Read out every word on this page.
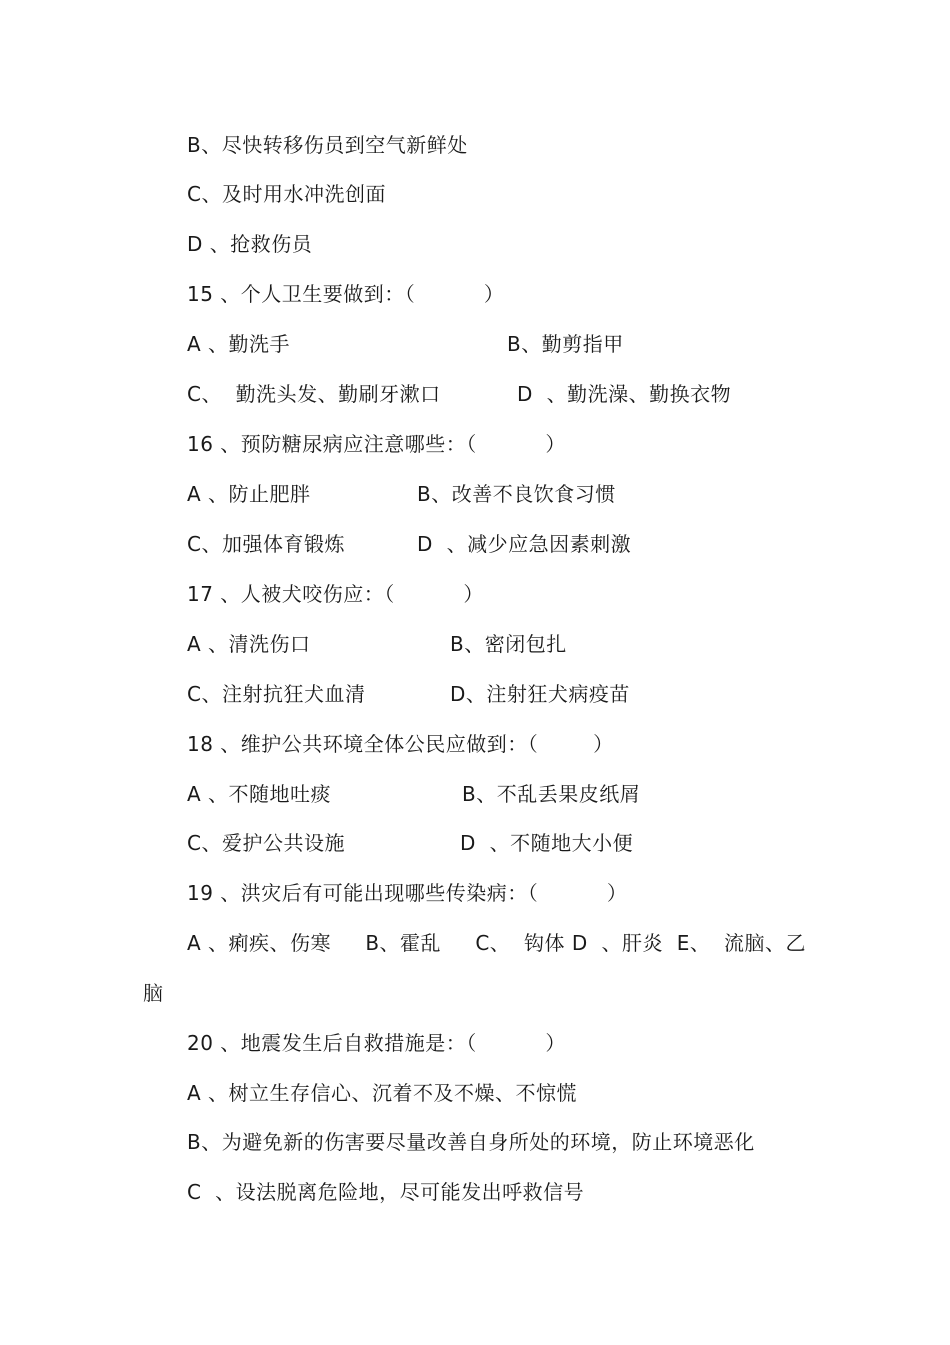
B、尽快转移伤员到空气新鲜处
C、及时用水冲洗创面
D 、抢救伤员
15 、个人卫生要做到：（          ）
A 、勤洗手	B、勤剪指甲
C、  勤洗头发、勤刷牙漱口	D  、勤洗澡、勤换衣物
16 、预防糖尿病应注意哪些：（          ）
A 、防止肥胖	B、改善不良饮食习惯
C、加强体育锻炼	D  、减少应急因素刺激
17 、人被犬咬伤应：（          ）
A 、清洗伤口	B、密闭包扎
C、注射抗狂犬血清	D、注射狂犬病疫苗
18 、维护公共环境全体公民应做到：（        ）
A 、不随地吐痰	B、不乱丢果皮纸屑
C、爱护公共设施	D  、不随地大小便
19 、洪灾后有可能出现哪些传染病：（          ）
A 、痢疾、伤寒     B、霍乱     C、  钩体 D  、肝炎  E、  流脑、乙
脑
20 、地震发生后自救措施是：（          ）
A 、树立生存信心、沉着不及不燥、不惊慌
B、为避免新的伤害要尽量改善自身所处的环境，防止环境恶化
C  、设法脱离危险地，尽可能发出呼救信号
